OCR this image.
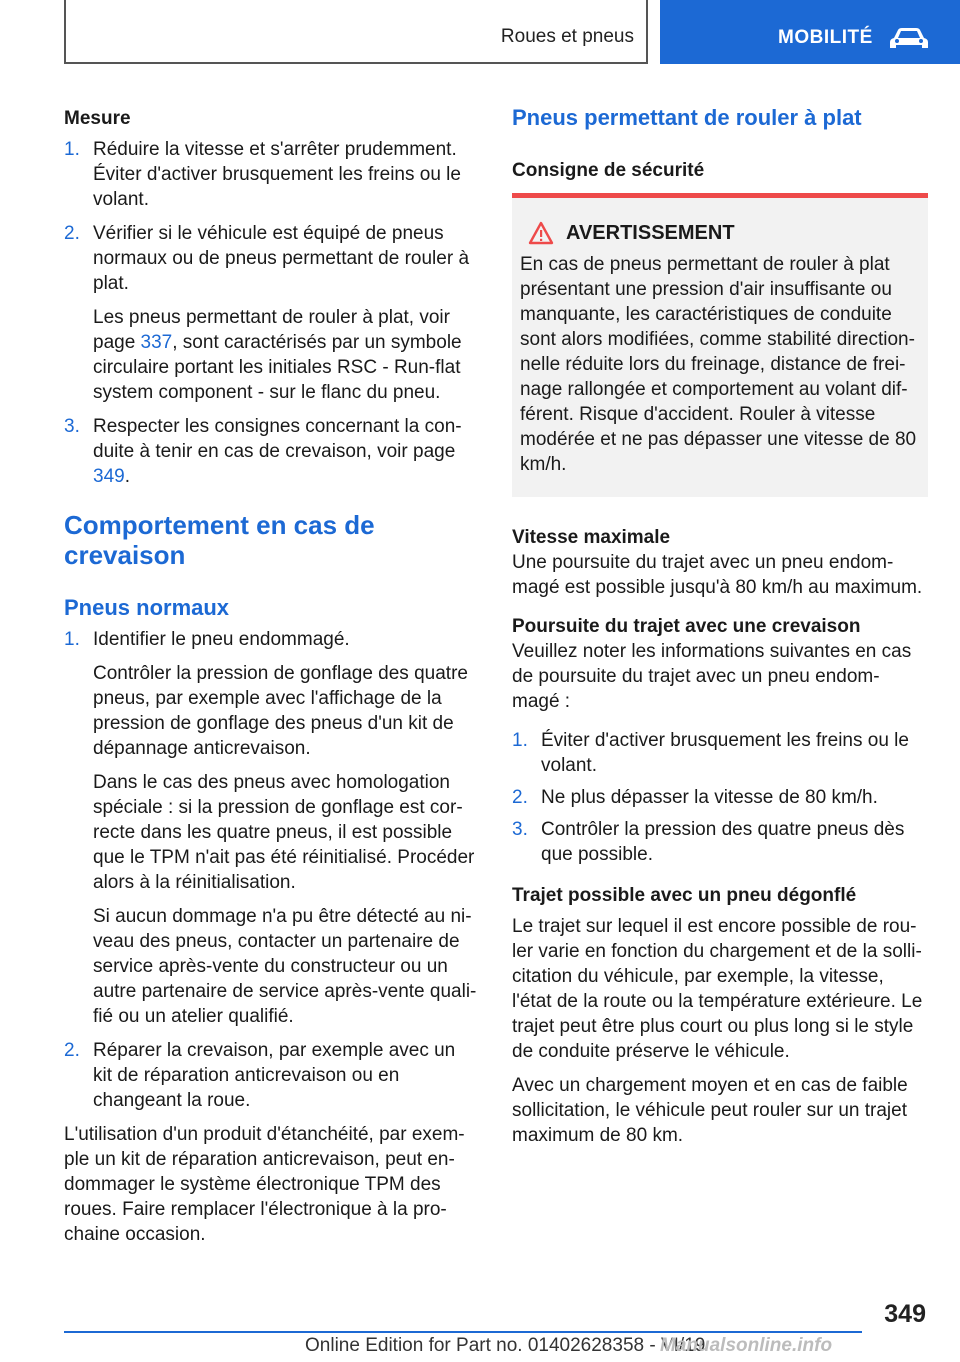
Roues et pneus	MOBILITÉ

Mesure

1. Réduire la vitesse et s'arrêter prudemment. Éviter d'activer brusquement les freins ou le volant.
2. Vérifier si le véhicule est équipé de pneus normaux ou de pneus permettant de rouler à plat.

Les pneus permettant de rouler à plat, voir page 337, sont caractérisés par un symbole circulaire portant les initiales RSC - Run-flat system component - sur le flanc du pneu.

3. Respecter les consignes concernant la con‐ duite à tenir en cas de crevaison, voir page 349.
Comportement en cas de crevaison
Pneus normaux
1. Identifier le pneu endommagé.

Contrôler la pression de gonflage des quatre pneus, par exemple avec l'affichage de la pression de gonflage des pneus d'un kit de dépannage anticrevaison.

Dans le cas des pneus avec homologation spéciale : si la pression de gonflage est cor‐ recte dans les quatre pneus, il est possible que le TPM n'ait pas été réinitialisé. Procéder alors à la réinitialisation.

Si aucun dommage n'a pu être détecté au ni‐ veau des pneus, contacter un partenaire de service après-vente du constructeur ou un autre partenaire de service après-vente quali‐ fié ou un atelier qualifié.

2. Réparer la crevaison, par exemple avec un kit de réparation anticrevaison ou en changeant la roue.

L'utilisation d'un produit d'étanchéité, par exem‐ ple un kit de réparation anticrevaison, peut en‐ dommager le système électronique TPM des roues. Faire remplacer l'électronique à la pro‐ chaine occasion.

Pneus permettant de rouler à plat

Consigne de sécurité

AVERTISSEMENT

En cas de pneus permettant de rouler à plat présentant une pression d'air insuffisante ou manquante, les caractéristiques de conduite sont alors modifiées, comme stabilité direction‐ nelle réduite lors du freinage, distance de frei‐ nage rallongée et comportement au volant dif‐ férent. Risque d'accident. Rouler à vitesse modérée et ne pas dépasser une vitesse de 80 km/h.

Vitesse maximale

Une poursuite du trajet avec un pneu endom‐ magé est possible jusqu'à 80 km/h au maximum.

Poursuite du trajet avec une crevaison

Veuillez noter les informations suivantes en cas de poursuite du trajet avec un pneu endom‐ magé :

1. Éviter d'activer brusquement les freins ou le volant.
2. Ne plus dépasser la vitesse de 80 km/h.
3. Contrôler la pression des quatre pneus dès que possible.

Trajet possible avec un pneu dégonflé

Le trajet sur lequel il est encore possible de rou‐ ler varie en fonction du chargement et de la solli‐ citation du véhicule, par exemple, la vitesse, l'état de la route ou la température extérieure. Le trajet peut être plus court ou plus long si le style de conduite préserve le véhicule.

Avec un chargement moyen et en cas de faible sollicitation, le véhicule peut rouler sur un trajet maximum de 80 km.

349
Online Edition for Part no. 01402628358 - VI/19
Manualsonline.info
